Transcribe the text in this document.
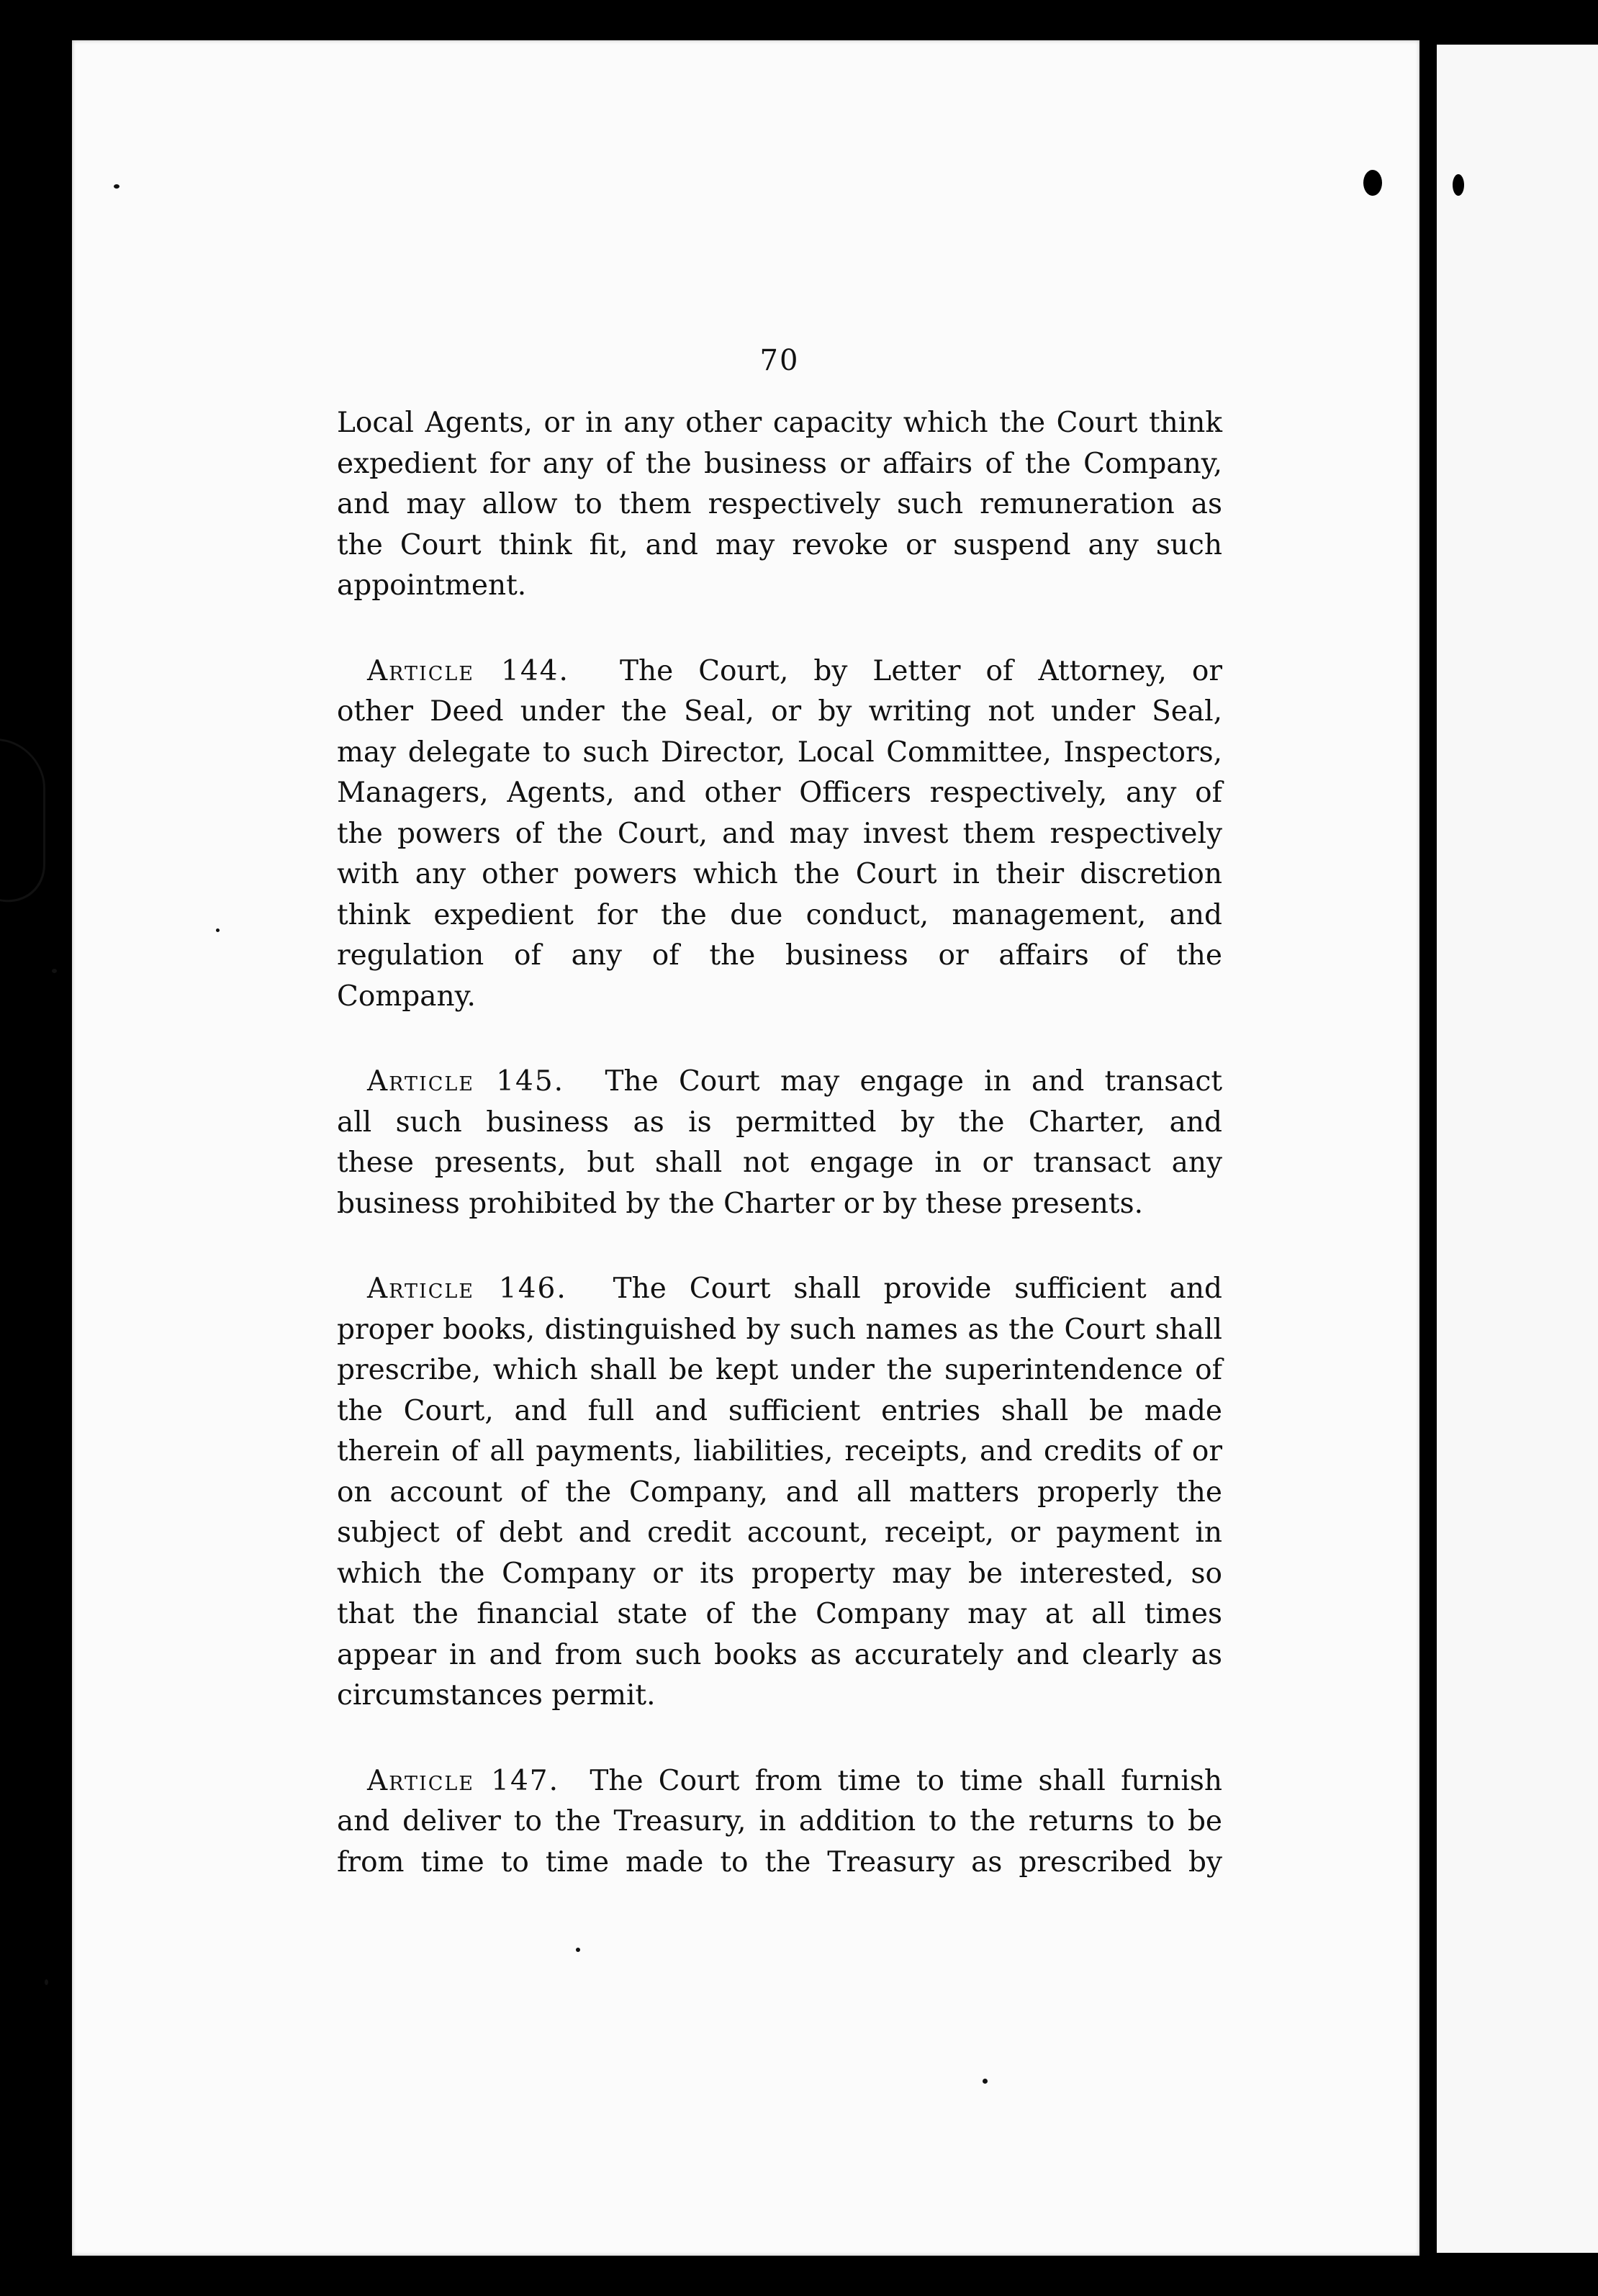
70
Local Agents, or in any other capacity which the Court think
expedient for any of the business or affairs of the Company,
and may allow to them respectively such remuneration as
the Court think fit, and may revoke or suspend any such
appointment.
Article 144. The Court, by Letter of Attorney, or
other Deed under the Seal, or by writing not under Seal,
may delegate to such Director, Local Committee, Inspectors,
Managers, Agents, and other Officers respectively, any of
the powers of the Court, and may invest them respectively
with any other powers which the Court in their discretion
think expedient for the due conduct, management, and
regulation of any of the business or affairs of the
Company.
Article 145. The Court may engage in and transact
all such business as is permitted by the Charter, and
these presents, but shall not engage in or transact any
business prohibited by the Charter or by these presents.
Article 146. The Court shall provide sufficient and
proper books, distinguished by such names as the Court shall
prescribe, which shall be kept under the superintendence of
the Court, and full and sufficient entries shall be made
therein of all payments, liabilities, receipts, and credits of or
on account of the Company, and all matters properly the
subject of debt and credit account, receipt, or payment in
which the Company or its property may be interested, so
that the financial state of the Company may at all times
appear in and from such books as accurately and clearly as
circumstances permit.
Article 147. The Court from time to time shall furnish
and deliver to the Treasury, in addition to the returns to be
from time to time made to the Treasury as prescribed by
